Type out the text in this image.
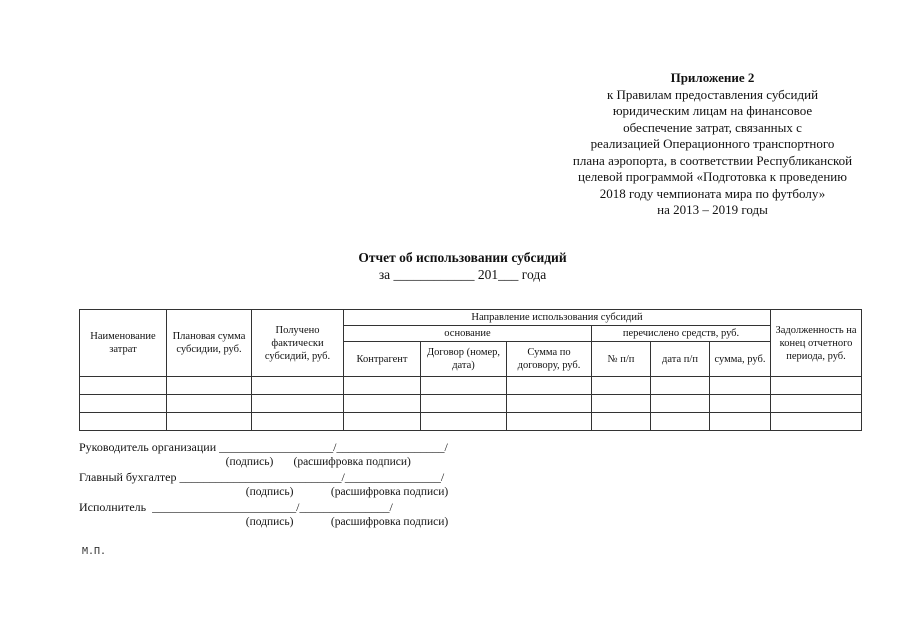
Приложение 2
к Правилам предоставления субсидий
юридическим лицам на финансовое
обеспечение затрат, связанных с
реализацией Операционного транспортного
плана аэропорта, в соответствии Республиканской
целевой программой «Подготовка к проведению
2018 году чемпионата мира по футболу»
на 2013 – 2019 годы
Отчет об использовании субсидий
за ____________ 201___ года
Наименование затрат	Плановая сумма субсидии, руб.	Получено фактически субсидий, руб.	Направление использования субсидий						Задолженность на конец отчетного периода, руб.
			основание			перечислено средств, руб.			
			Контрагент	Договор (номер, дата)	Сумма по договору, руб.	№ п/п	дата п/п	сумма, руб.	

Руководитель организации ___________________/__________________/
(подпись)       (расшифровка подписи)
Главный бухгалтер ___________________________/________________/
(подпись)             (расшифровка подписи)
Исполнитель  ________________________/_______________/
(подпись)             (расшифровка подписи)
М.П.
